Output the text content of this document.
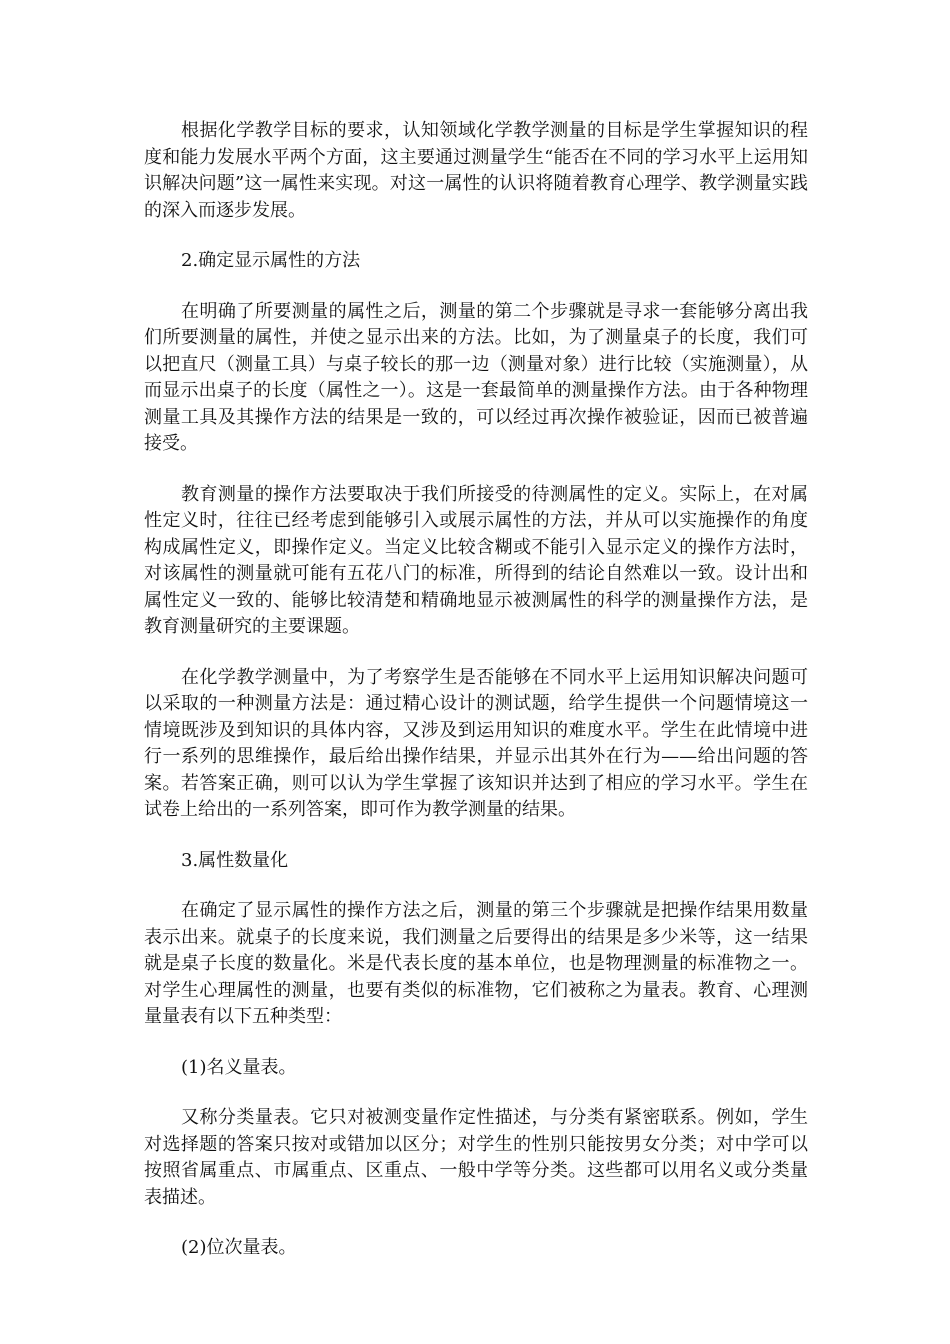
根据化学教学目标的要求，认知领域化学教学测量的目标是学生掌握知识的程度和能力发展水平两个方面，这主要通过测量学生“能否在不同的学习水平上运用知识解决问题”这一属性来实现。对这一属性的认识将随着教育心理学、教学测量实践的深入而逐步发展。

2.确定显示属性的方法

在明确了所要测量的属性之后，测量的第二个步骤就是寻求一套能够分离出我们所要测量的属性，并使之显示出来的方法。比如，为了测量桌子的长度，我们可以把直尺（测量工具）与桌子较长的那一边（测量对象）进行比较（实施测量），从而显示出桌子的长度（属性之一）。这是一套最简单的测量操作方法。由于各种物理测量工具及其操作方法的结果是一致的，可以经过再次操作被验证，因而已被普遍接受。

教育测量的操作方法要取决于我们所接受的待测属性的定义。实际上，在对属性定义时，往往已经考虑到能够引入或展示属性的方法，并从可以实施操作的角度构成属性定义，即操作定义。当定义比较含糊或不能引入显示定义的操作方法时，对该属性的测量就可能有五花八门的标准，所得到的结论自然难以一致。设计出和属性定义一致的、能够比较清楚和精确地显示被测属性的科学的测量操作方法，是教育测量研究的主要课题。

在化学教学测量中，为了考察学生是否能够在不同水平上运用知识解决问题可以采取的一种测量方法是：通过精心设计的测试题，给学生提供一个问题情境这一情境既涉及到知识的具体内容，又涉及到运用知识的难度水平。学生在此情境中进行一系列的思维操作，最后给出操作结果，并显示出其外在行为——给出问题的答案。若答案正确，则可以认为学生掌握了该知识并达到了相应的学习水平。学生在试卷上给出的一系列答案，即可作为教学测量的结果。

3.属性数量化

在确定了显示属性的操作方法之后，测量的第三个步骤就是把操作结果用数量表示出来。就桌子的长度来说，我们测量之后要得出的结果是多少米等，这一结果就是桌子长度的数量化。米是代表长度的基本单位，也是物理测量的标准物之一。对学生心理属性的测量，也要有类似的标准物，它们被称之为量表。教育、心理测量量表有以下五种类型：

(1)名义量表。

又称分类量表。它只对被测变量作定性描述，与分类有紧密联系。例如，学生对选择题的答案只按对或错加以区分；对学生的性别只能按男女分类；对中学可以按照省属重点、市属重点、区重点、一般中学等分类。这些都可以用名义或分类量表描述。

(2)位次量表。
